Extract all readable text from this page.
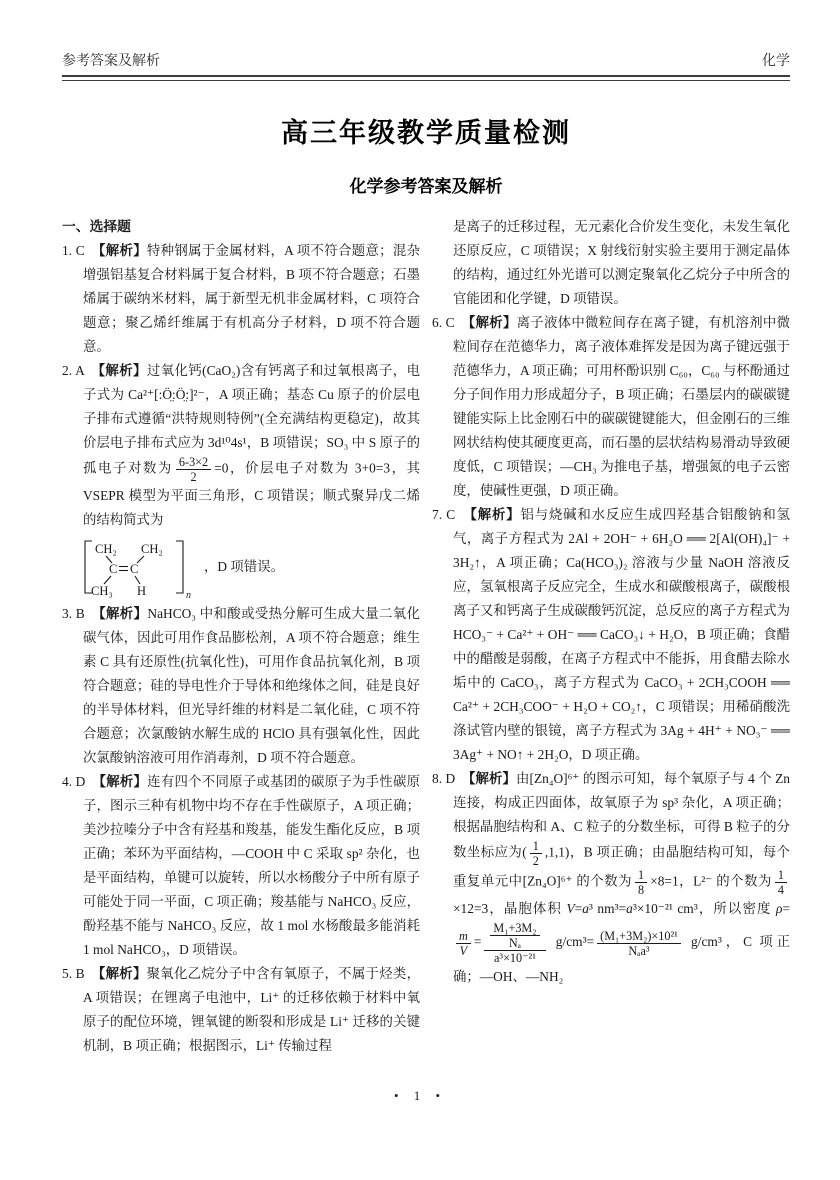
参考答案及解析	化学
高三年级教学质量检测
化学参考答案及解析
一、选择题
1. C　【解析】特种钢属于金属材料，A 项不符合题意；混杂增强铝基复合材料属于复合材料，B 项不符合题意；石墨烯属于碳纳米材料，属于新型无机非金属材料，C 项符合题意；聚乙烯纤维属于有机高分子材料，D 项不符合题意。
2. A　【解析】过氧化钙(CaO₂)含有钙离子和过氧根离子，电子式为 Ca²⁺[:Ö̤:Ö̤:]²⁻，A 项正确；基态 Cu 原子的价层电子排布式遵循“洪特规则特例”(全充满结构更稳定)，故其价层电子排布式应为 3d¹⁰4s¹，B 项错误；SO₃ 中 S 原子的孤电子对数为 $\frac{6-3\times 2}{2} =0$，价层电子对数为 3+0=3，其 VSEPR 模型为平面三角形，C 项错误；顺式聚异戊二烯的结构简式为
CH₂ CH₂
C C
CH₃ H	n
，D 项错误。
3. B　【解析】NaHCO₃ 中和酸或受热分解可生成大量二氧化碳气体，因此可用作食品膨松剂，A 项不符合题意；维生素 C 具有还原性(抗氧化性)，可用作食品抗氧化剂，B 项符合题意；硅的导电性介于导体和绝缘体之间，硅是良好的半导体材料，但光导纤维的材料是二氧化硅，C 项不符合题意；次氯酸钠水解生成的 HClO 具有强氧化性，因此次氯酸钠溶液可用作消毒剂，D 项不符合题意。
4. D　【解析】连有四个不同原子或基团的碳原子为手性碳原子，图示三种有机物中均不存在手性碳原子，A 项正确；美沙拉嗪分子中含有羟基和羧基，能发生酯化反应，B 项正确；苯环为平面结构，—COOH 中 C 采取 sp² 杂化，也是平面结构，单键可以旋转，所以水杨酸分子中所有原子可能处于同一平面，C 项正确；羧基能与 NaHCO₃ 反应，酚羟基不能与 NaHCO₃ 反应，故 1 mol 水杨酸最多能消耗 1 mol NaHCO₃，D 项错误。
5. B　【解析】聚氧化乙烷分子中含有氧原子，不属于烃类，A 项错误；在锂离子电池中，Li⁺ 的迁移依赖于材料中氧原子的配位环境，锂氧键的断裂和形成是 Li⁺ 迁移的关键机制，B 项正确；根据图示，Li⁺ 传输过程
是离子的迁移过程，无元素化合价发生变化，未发生氧化还原反应，C 项错误；X 射线衍射实验主要用于测定晶体的结构，通过红外光谱可以测定聚氧化乙烷分子中所含的官能团和化学键，D 项错误。
6. C　【解析】离子液体中微粒间存在离子键，有机溶剂中微粒间存在范德华力，离子液体难挥发是因为离子键远强于范德华力，A 项正确；可用杯酚识别 C₆₀，C₆₀ 与杯酚通过分子间作用力形成超分子，B 项正确；石墨层内的碳碳键键能实际上比金刚石中的碳碳键键能大，但金刚石的三维网状结构使其硬度更高，而石墨的层状结构易滑动导致硬度低，C 项错误；—CH₃ 为推电子基，增强氮的电子云密度，使碱性更强，D 项正确。
7. C　【解析】铝与烧碱和水反应生成四羟基合铝酸钠和氢气，离子方程式为 2Al + 2OH⁻ + 6H₂O ══ 2[Al(OH)₄]⁻ + 3H₂↑，A 项正确；Ca(HCO₃)₂ 溶液与少量 NaOH 溶液反应，氢氧根离子反应完全，生成水和碳酸根离子，碳酸根离子又和钙离子生成碳酸钙沉淀，总反应的离子方程式为 HCO₃⁻ + Ca²⁺ + OH⁻ ══ CaCO₃↓ + H₂O，B 项正确；食醋中的醋酸是弱酸，在离子方程式中不能拆，用食醋去除水垢中的 CaCO₃，离子方程式为 CaCO₃ + 2CH₃COOH ══ Ca²⁺ + 2CH₃COO⁻ + H₂O + CO₂↑，C 项错误；用稀硝酸洗涤试管内壁的银镜，离子方程式为 3Ag + 4H⁺ + NO₃⁻ ══ 3Ag⁺ + NO↑ + 2H₂O，D 项正确。
8. D　【解析】由[Zn₄O]⁶⁺ 的图示可知，每个氧原子与 4 个 Zn 连接，构成正四面体，故氧原子为 sp³ 杂化，A 项正确；根据晶胞结构和 A、C 粒子的分数坐标，可得 B 粒子的分数坐标应为( $\frac{1}{2} ,1,1$)，B 项正确；由晶胞结构可知，每个重复单元中[Zn₄O]⁶⁺ 的个数为 $\frac{1}{8} \times 8=1$，L²⁻ 的个数为 $\frac{1}{4}$
×12=3，晶胞体积 V=a³ nm³=a³×10⁻²¹ cm³，所以密度 ρ=
$\frac{m}{V} = \frac{\frac{\text{M₁+3M₂}}{\text{Nₐ}}}{\text{a³×10⁻²¹}} g/cm^3= \frac{\text{(M₁+3M₂)×10²¹}}{\text{Nₐa³}} g/cm^3$，C 项正确；—OH、—NH₂
• 1 •
